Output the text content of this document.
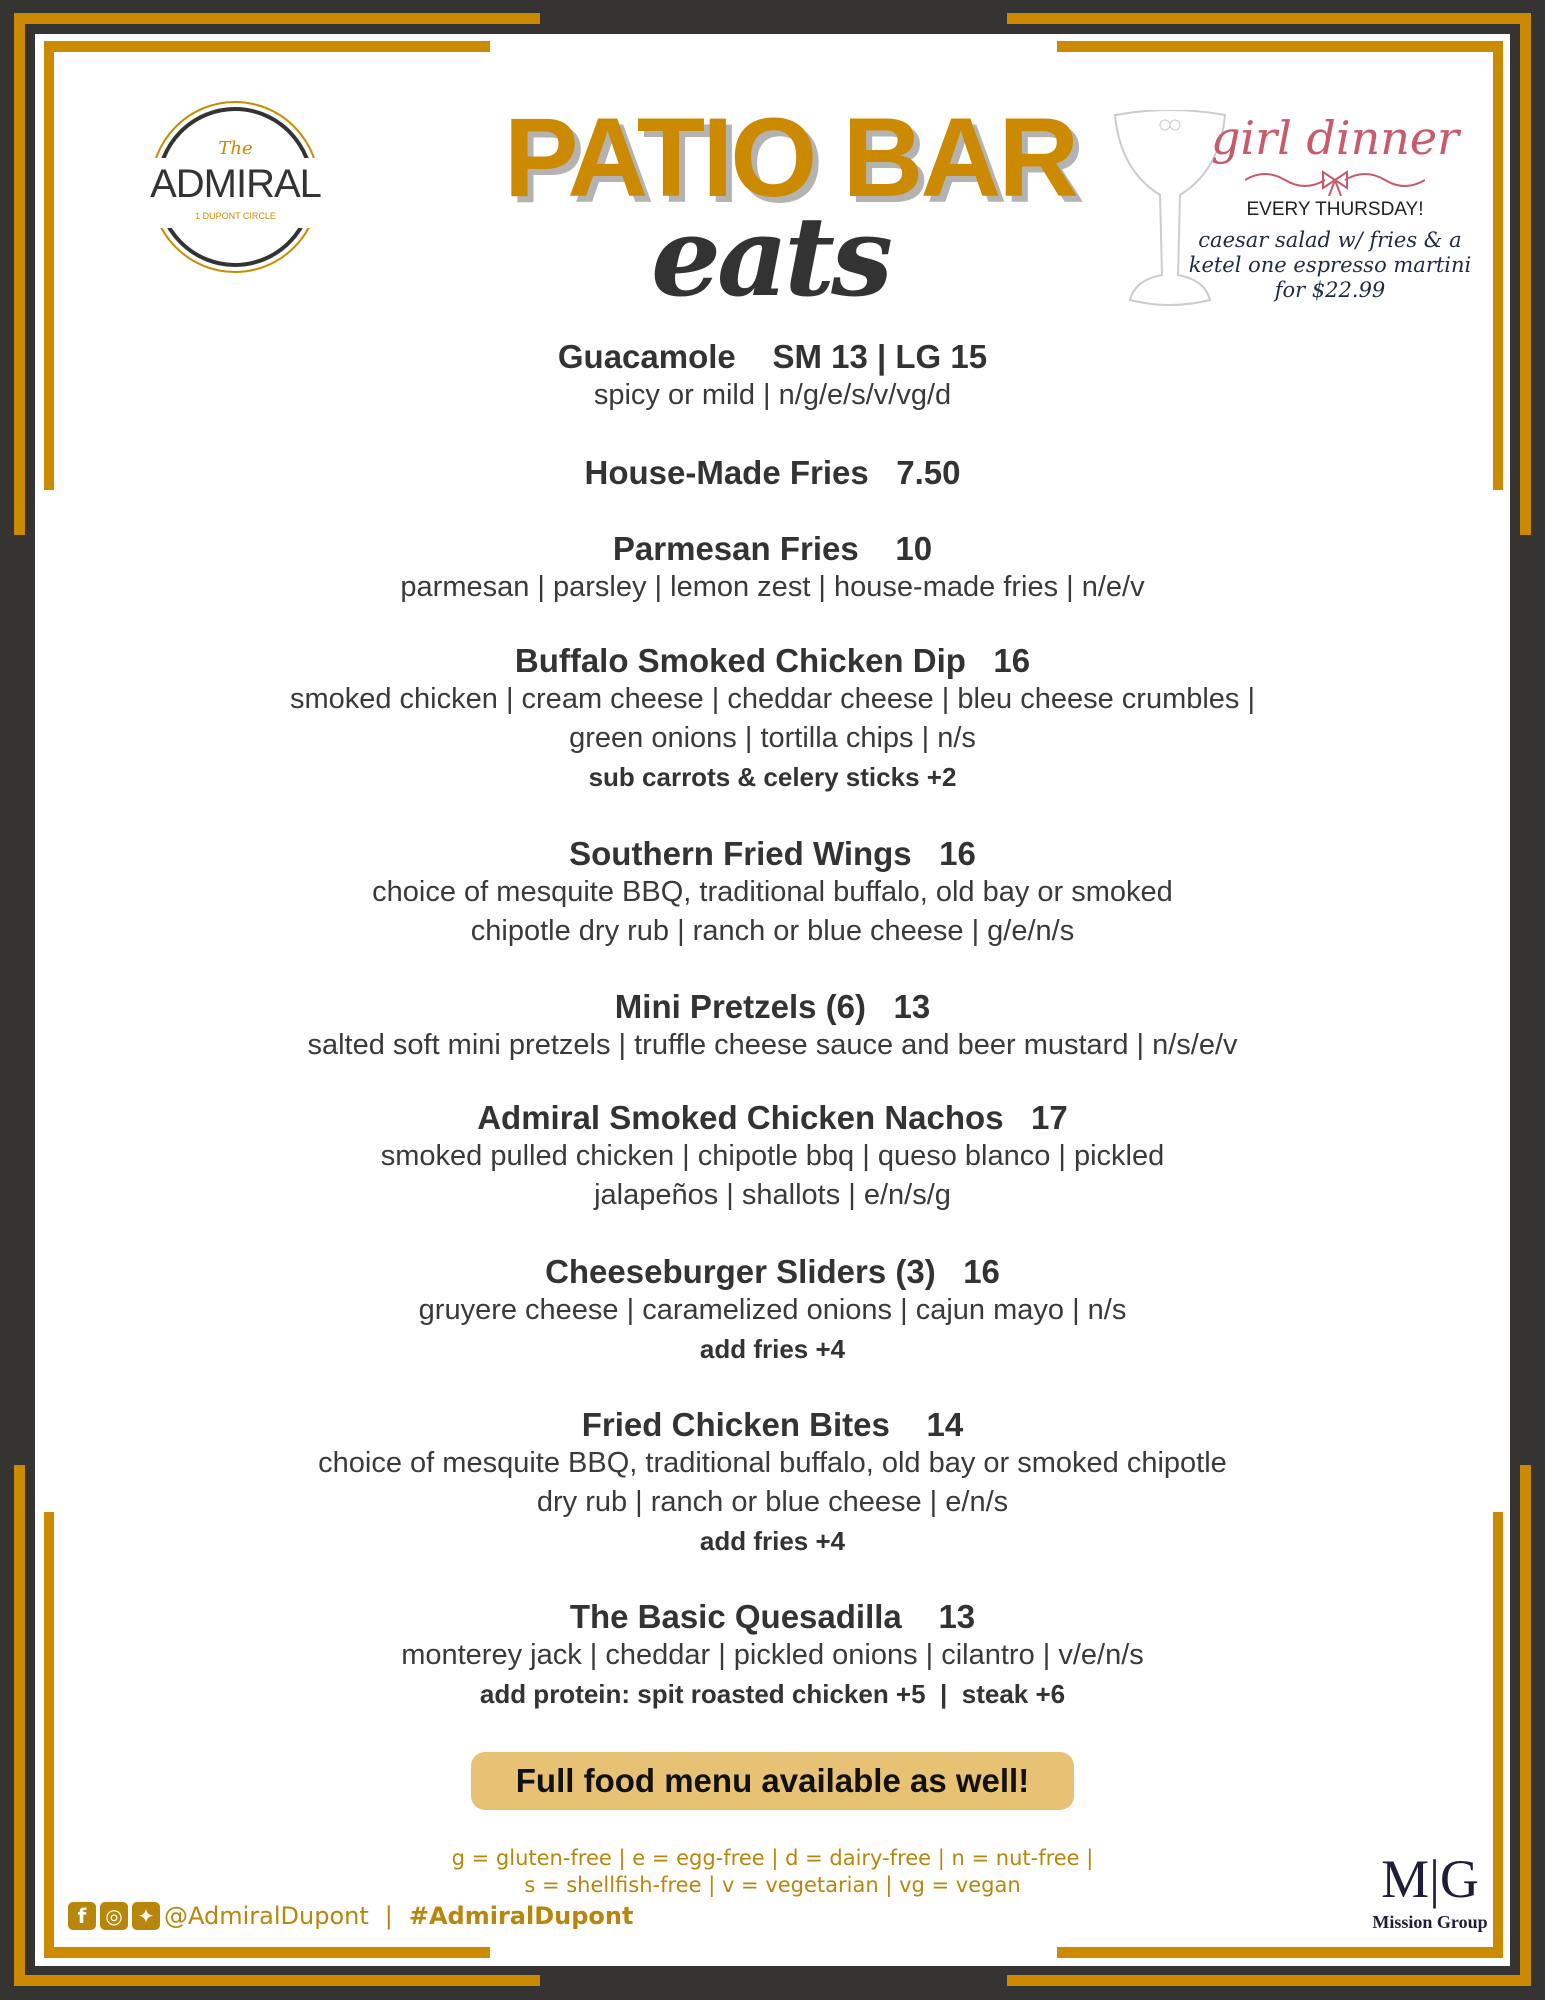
The
ADMIRAL
1 DUPONT CIRCLE	PATIO BAR
eats
girl dinner
EVERY THURSDAY!
caesar salad w/ fries & a
ketel one espresso martini
for $22.99
Guacamole    SM 13 | LG 15
spicy or mild | n/g/e/s/v/vg/d
House-Made Fries   7.50
Parmesan Fries    10
parmesan | parsley | lemon zest | house-made fries | n/e/v
Buffalo Smoked Chicken Dip   16
smoked chicken | cream cheese | cheddar cheese | bleu cheese crumbles |
green onions | tortilla chips | n/s
sub carrots & celery sticks +2
Southern Fried Wings   16
choice of mesquite BBQ, traditional buffalo, old bay or smoked
chipotle dry rub | ranch or blue cheese | g/e/n/s
Mini Pretzels (6)   13
salted soft mini pretzels | truffle cheese sauce and beer mustard | n/s/e/v
Admiral Smoked Chicken Nachos   17
smoked pulled chicken | chipotle bbq | queso blanco | pickled
jalapeños | shallots | e/n/s/g
Cheeseburger Sliders (3)   16
gruyere cheese | caramelized onions | cajun mayo | n/s
add fries +4
Fried Chicken Bites    14
choice of mesquite BBQ, traditional buffalo, old bay or smoked chipotle
dry rub | ranch or blue cheese | e/n/s
add fries +4
The Basic Quesadilla    13
monterey jack | cheddar | pickled onions | cilantro | v/e/n/s
add protein: spit roasted chicken +5  |  steak +6
Full food menu available as well!
g = gluten-free | e = egg-free | d = dairy-free | n = nut-free |
s = shellfish-free | v = vegetarian | vg = vegan
f ◎ ✦ @AdmiralDupont | #AdmiralDupont
M|G
Mission Group
